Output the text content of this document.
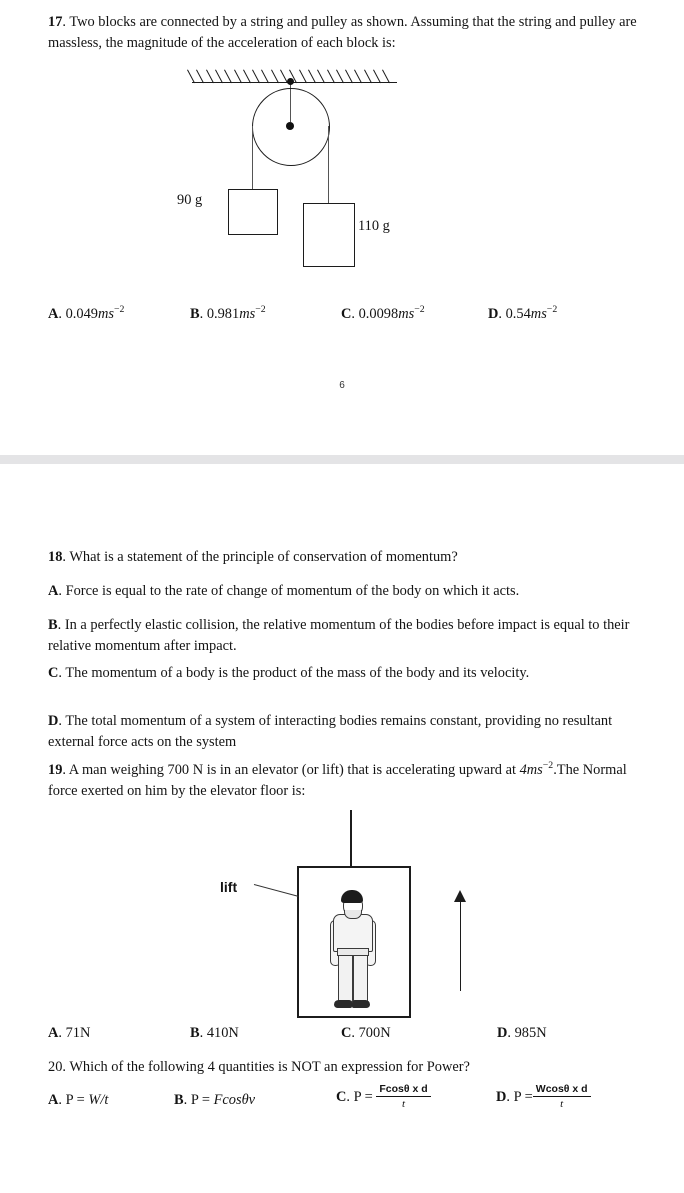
17. Two blocks are connected by a string and pulley as shown. Assuming that the string and pulley are massless, the magnitude of the acceleration of each block is:
90 g
110 g
A. $0.049ms^{-2}$	B. $0.981ms^{-2}$	C. $0.0098ms^{-2}$	D. $0.54ms^{-2}$
6
18. What is a statement of the principle of conservation of momentum?
A. Force is equal to the rate of change of momentum of the body on which it acts.
B. In a perfectly elastic collision, the relative momentum of the bodies before impact is equal to their relative momentum after impact.
C. The momentum of a body is the product of the mass of the body and its velocity.
D. The total momentum of a system of interacting bodies remains constant, providing no resultant external force acts on the system
19. A man weighing 700 N is in an elevator (or lift) that is accelerating upward at $4ms^{-2}.The$ Normal force exerted on him by the elevator floor is:
lift
A. 71N	B. 410N	C. 700N	D. 985N
20. Which of the following 4 quantities is NOT an expression for Power?
A. P = W/t	B. P = Fcosθv	C. $P = \frac{\text{Fcosθ x d}}{t}$	D. $P = \frac{\text{Wcosθ x d}}{t}$
